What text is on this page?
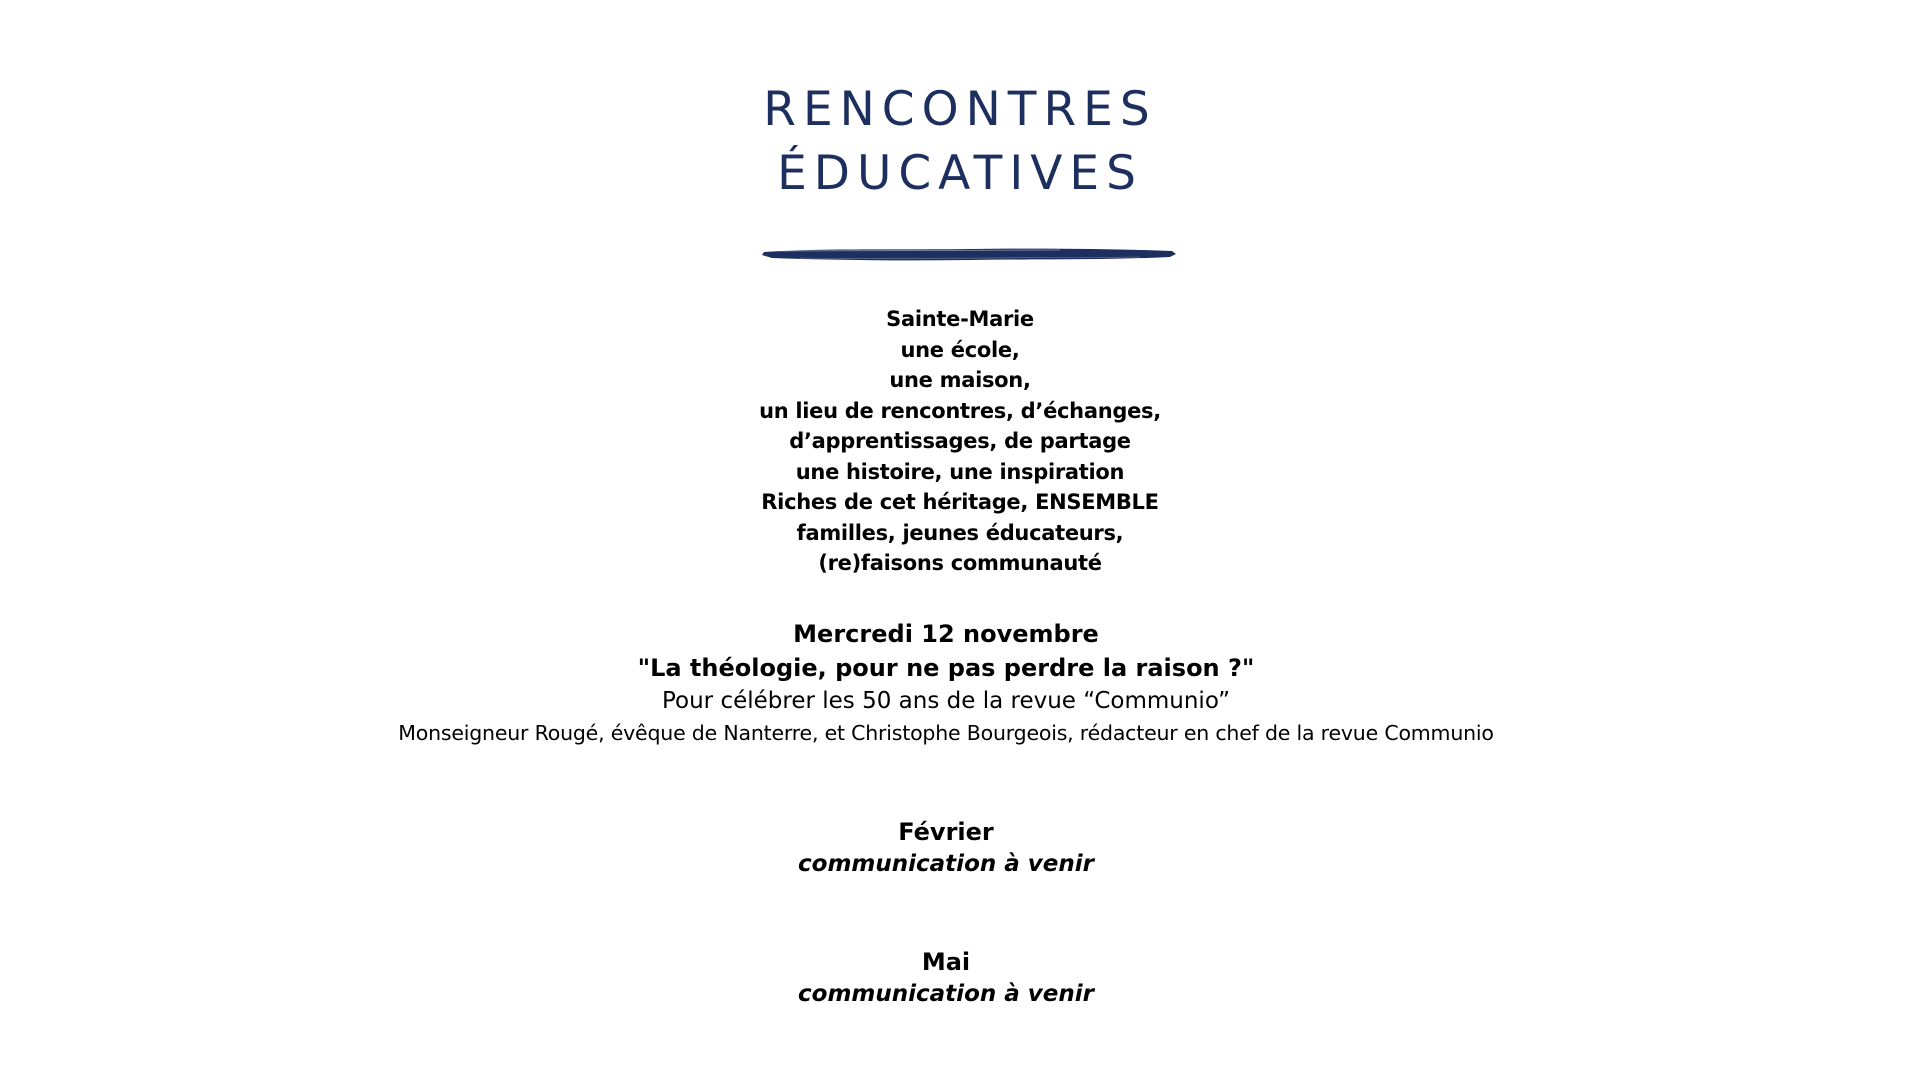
RENCONTRES
ÉDUCATIVES
Sainte-Marie
une école,
une maison,
un lieu de rencontres, d’échanges,
d’apprentissages, de partage
une histoire, une inspiration
Riches de cet héritage, ENSEMBLE
familles, jeunes éducateurs,
(re)faisons communauté
Mercredi 12 novembre
"La théologie, pour ne pas perdre la raison ?"
Pour célébrer les 50 ans de la revue “Communio”
Monseigneur Rougé, évêque de Nanterre, et Christophe Bourgeois, rédacteur en chef de la revue Communio
Février
communication à venir
Mai
communication à venir
